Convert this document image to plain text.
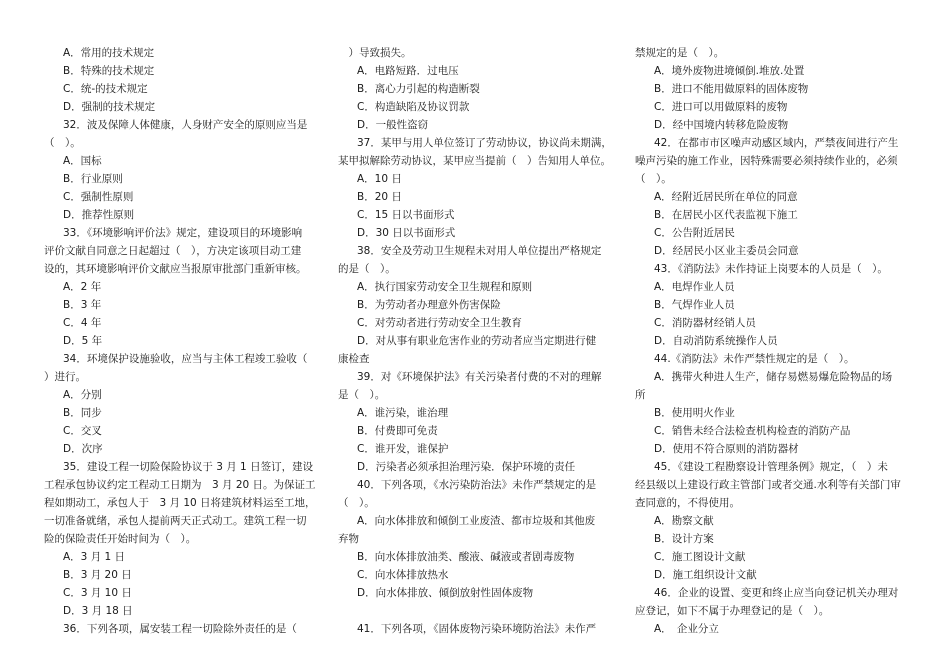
A．常用的技术规定
B．特殊的技术规定
C．统-的技术规定
D．强制的技术规定
32．波及保障人体健康，人身财产安全的原则应当是
（　）。
A．国标
B．行业原则
C．强制性原则
D．推荐性原则
33．《环境影响评价法》规定，建设项目的环境影响
评价文献自同意之日起超过（　），方决定该项目动工建
设的，其环境影响评价文献应当报原审批部门重新审核。
A．2 年
B．3 年
C．4 年
D．5 年
34．环境保护设施验收，应当与主体工程竣工验收（
）进行。
A．分别
B．同步
C．交叉
D．次序
35．建设工程一切险保险协议于 3 月 1 日签订，建设
工程承包协议约定工程动工日期为　3 月 20 日。为保证工
程如期动工，承包人于　3 月 10 日将建筑材料运至工地，
一切准备就绪，承包人提前两天正式动工。建筑工程一切
险的保险责任开始时间为（　）。
A．3 月 1 日
B．3 月 20 日
C．3 月 10 日
D．3 月 18 日
36．下列各项，属安装工程一切险除外责任的是（
　）导致损失。
A．电路短路．过电压
B．离心力引起的构造断裂
C．构造缺陷及协议罚款
D．一般性盗窃
37．某甲与用人单位签订了劳动协议，协议尚未期满，
某甲拟解除劳动协议，某甲应当提前（　）告知用人单位。
A．10 日
B．20 日
C．15 日以书面形式
D．30 日以书面形式
38．安全及劳动卫生规程未对用人单位提出严格规定
的是（　）。
A．执行国家劳动安全卫生规程和原则
B．为劳动者办理意外伤害保险
C．对劳动者进行劳动安全卫生教育
D．对从事有职业危害作业的劳动者应当定期进行健
康检查
39．对《环境保护法》有关污染者付费的不对的理解
是（　）。
A．谁污染，谁治理
B．付费即可免责
C．谁开发，谁保护
D．污染者必须承担治理污染．保护环境的责任
40．下列各项，《水污染防治法》未作严禁规定的是
（　）。
A．向水体排放和倾倒工业废渣、都市垃圾和其他废
弃物
B．向水体排放油类、酸液、碱液或者剧毒废物
C．向水体排放热水
D．向水体排放、倾倒放射性固体废物
41．下列各项，《固体废物污染环境防治法》未作严
禁规定的是（　）。
A．境外废物进境倾倒.堆放.处置
B．进口不能用做原料的固体废物
C．进口可以用做原料的废物
D．经中国境内转移危险废物
42．在都市市区噪声动感区域内，严禁夜间进行产生
噪声污染的施工作业，因特殊需要必须持续作业的，必须
（　）。
A．经附近居民所在单位的同意
B．在居民小区代表监视下施工
C．公告附近居民
D．经居民小区业主委员会同意
43．《消防法》未作持证上岗要本的人员是（　）。
A．电焊作业人员
B．气焊作业人员
C．消防器材经销人员
D．自动消防系统操作人员
44.《消防法》未作严禁性规定的是（　）。
A．携带火种进人生产，储存易燃易爆危险物品的场
所
B．使用明火作业
C．销售未经合法检查机构检查的消防产品
D．使用不符合原则的消防器材
45．《建设工程勘察设计管理条例》规定，（　）未
经县级以上建设行政主管部门或者交通.水利等有关部门审
查同意的，不得使用。
A．勘察文献
B．设计方案
C．施工图设计文献
D．施工组织设计文献
46．企业的设置、变更和终止应当向登记机关办理对
应登记，如下不属于办理登记的是（　）。
A．　企业分立
